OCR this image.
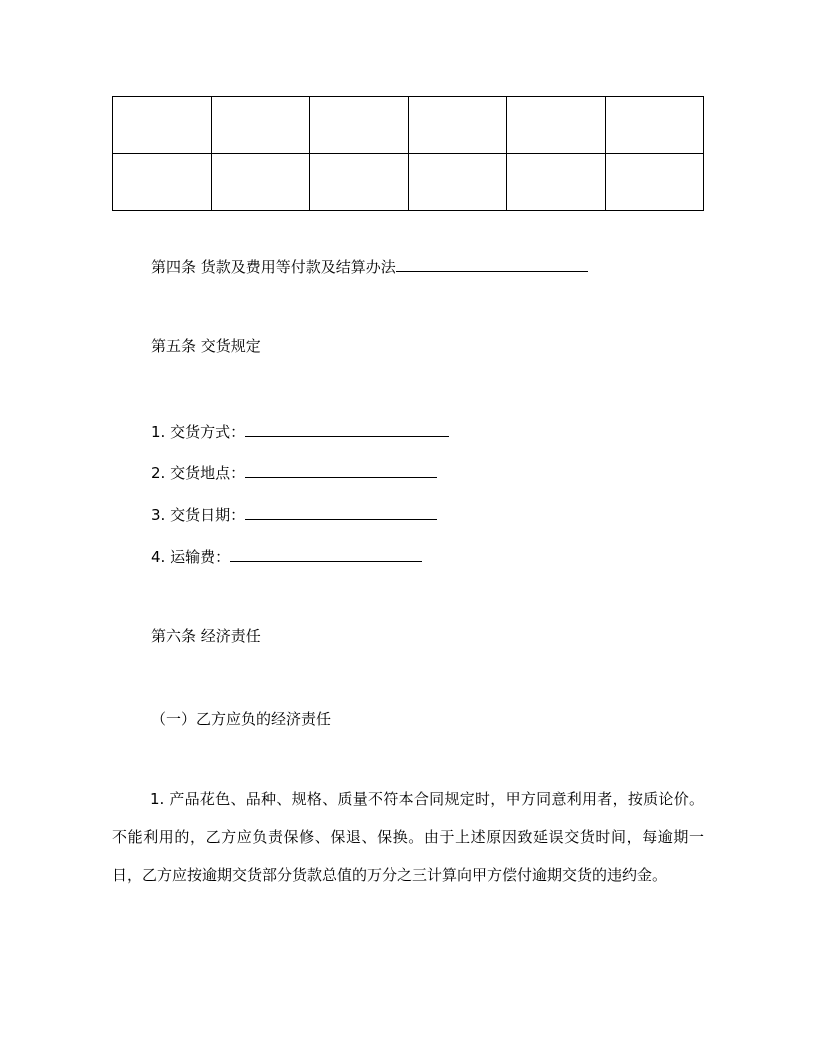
第四条 货款及费用等付款及结算办法
第五条 交货规定
1. 交货方式：
2. 交货地点：
3. 交货日期：
4. 运输费：
第六条 经济责任
（一）乙方应负的经济责任
1. 产品花色、品种、规格、质量不符本合同规定时，甲方同意利用者，按质论价。不能利用的，乙方应负责保修、保退、保换。由于上述原因致延误交货时间，每逾期一日，乙方应按逾期交货部分货款总值的万分之三计算向甲方偿付逾期交货的违约金。
